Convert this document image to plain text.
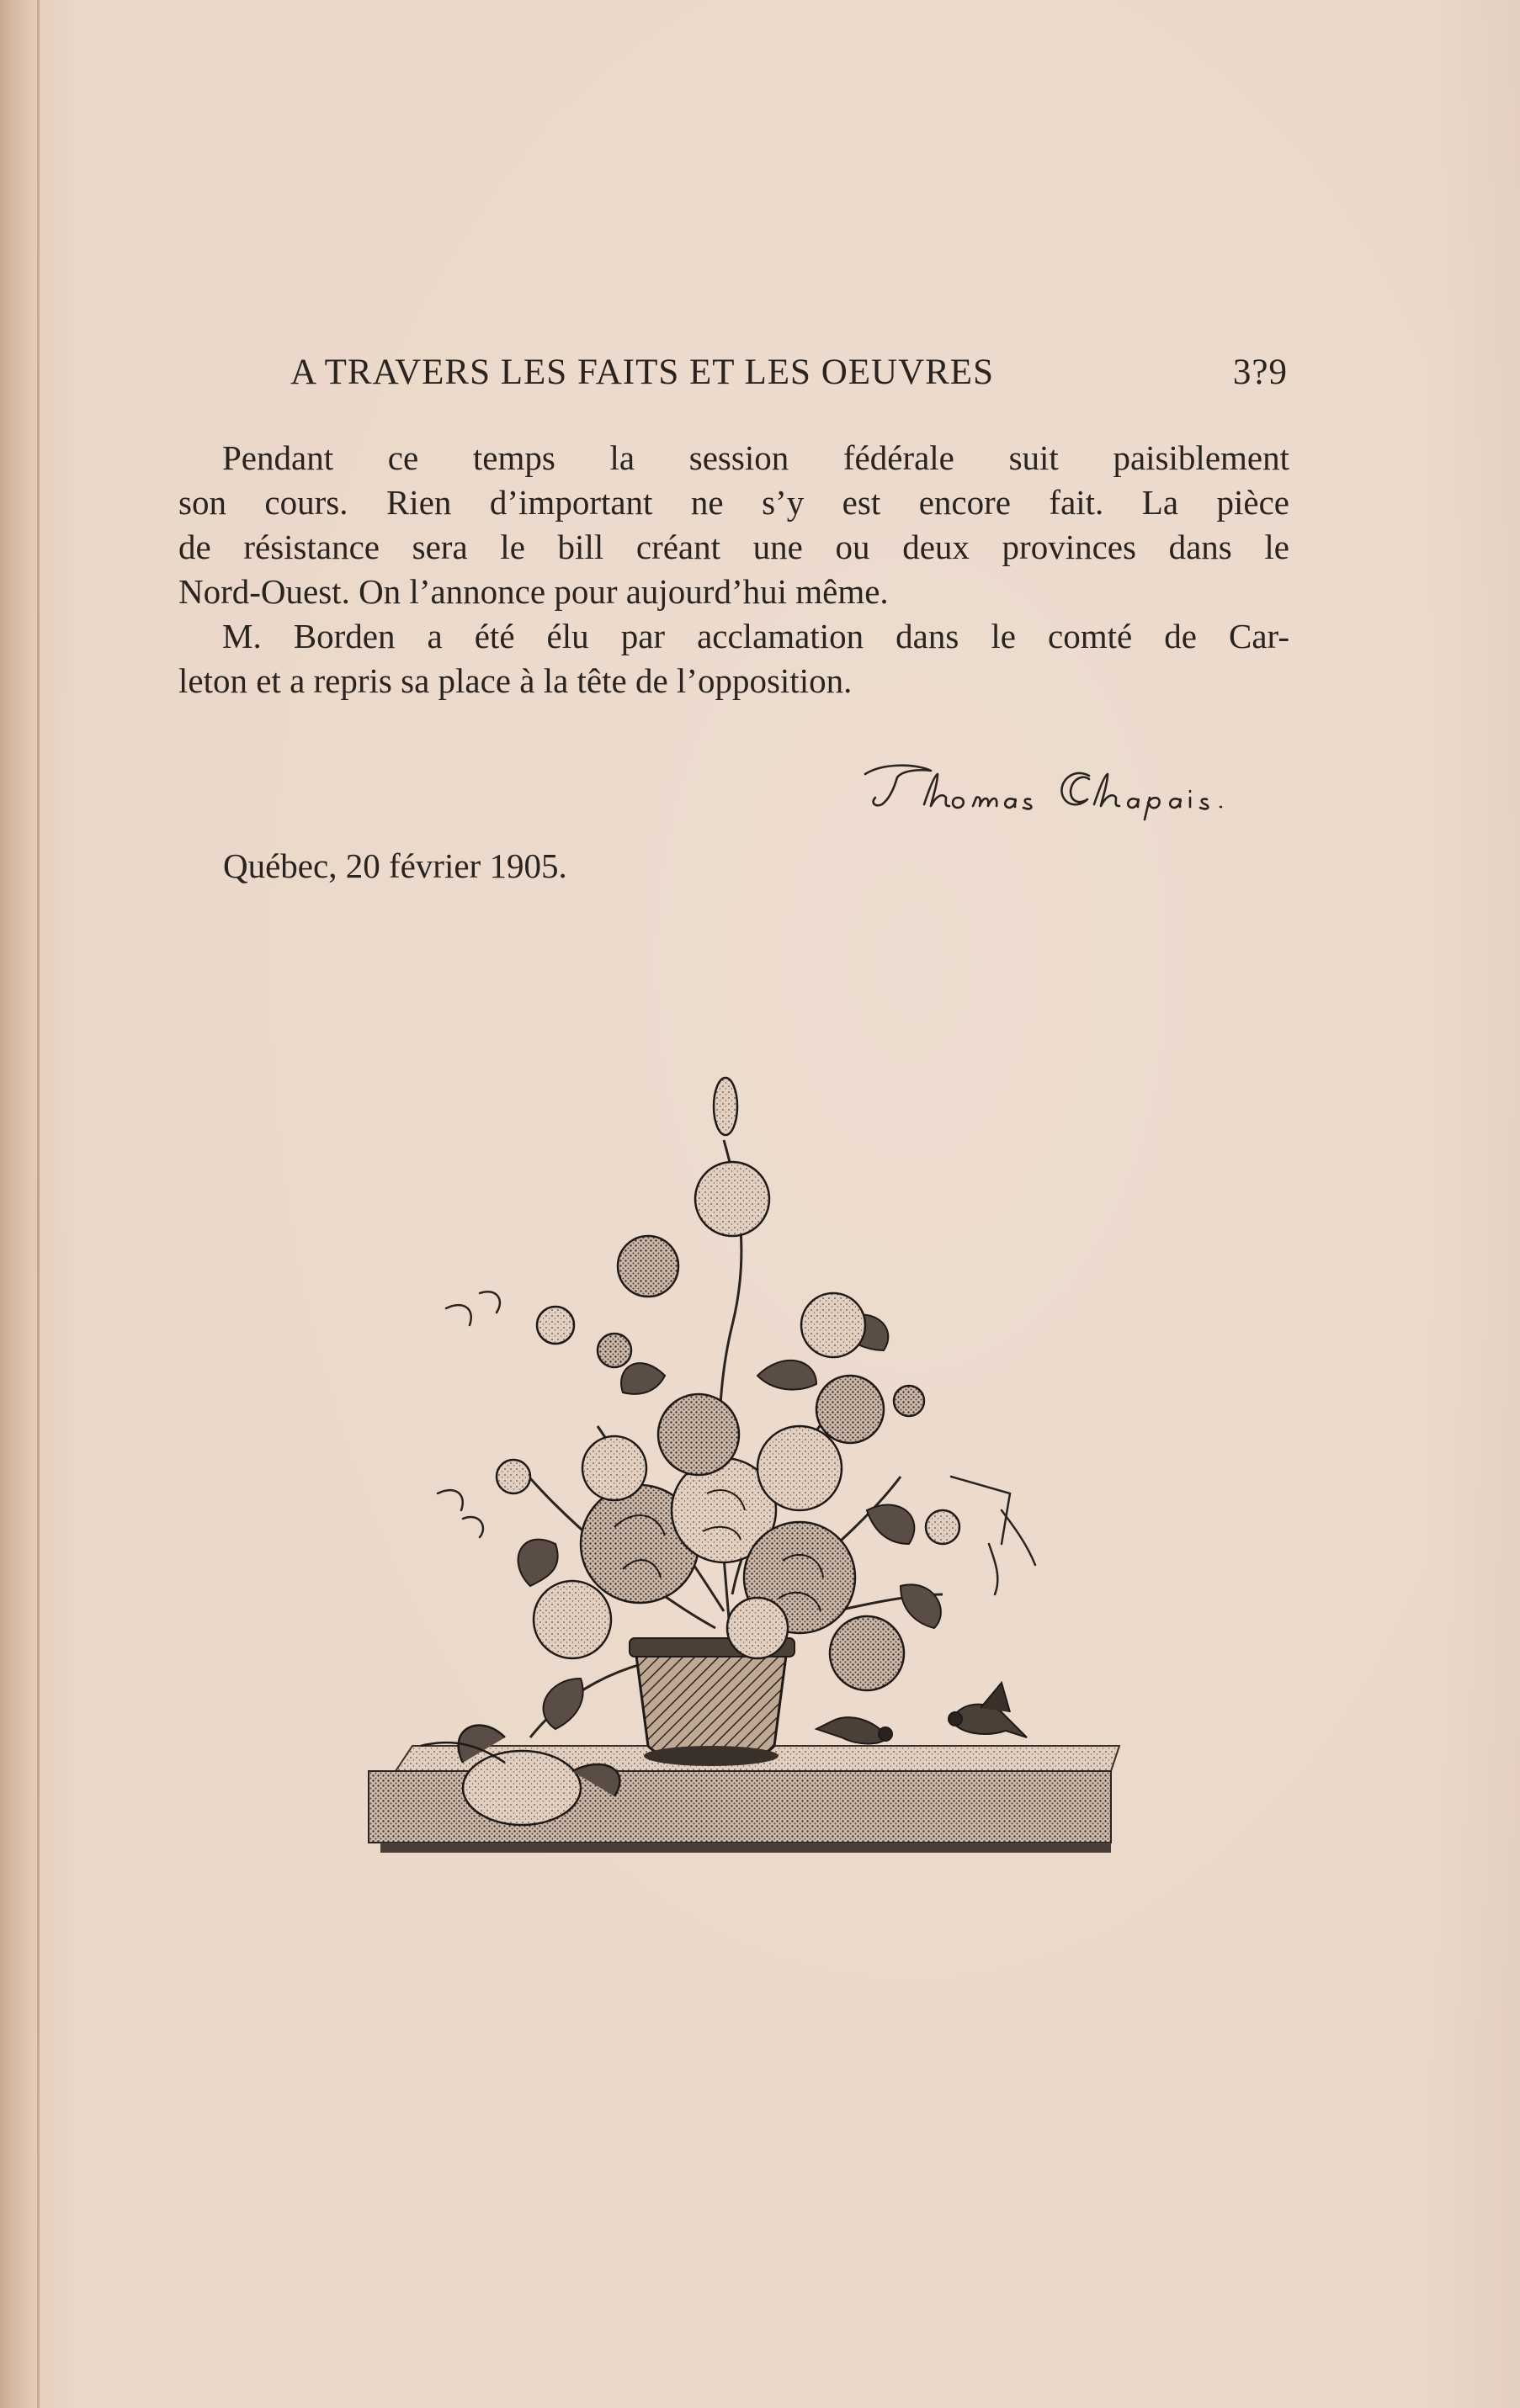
A TRAVERS LES FAITS ET LES OEUVRES	3?9

Pendant ce temps la session fédérale suit paisiblement
son cours. Rien d’important ne s’y est encore fait. La pièce
de résistance sera le bill créant une ou deux provinces dans le
Nord-Ouest. On l’annonce pour aujourd’hui même.

M. Borden a été élu par acclamation dans le comté de Car-
leton et a repris sa place à la tête de l’opposition.

Québec, 20 février 1905.
